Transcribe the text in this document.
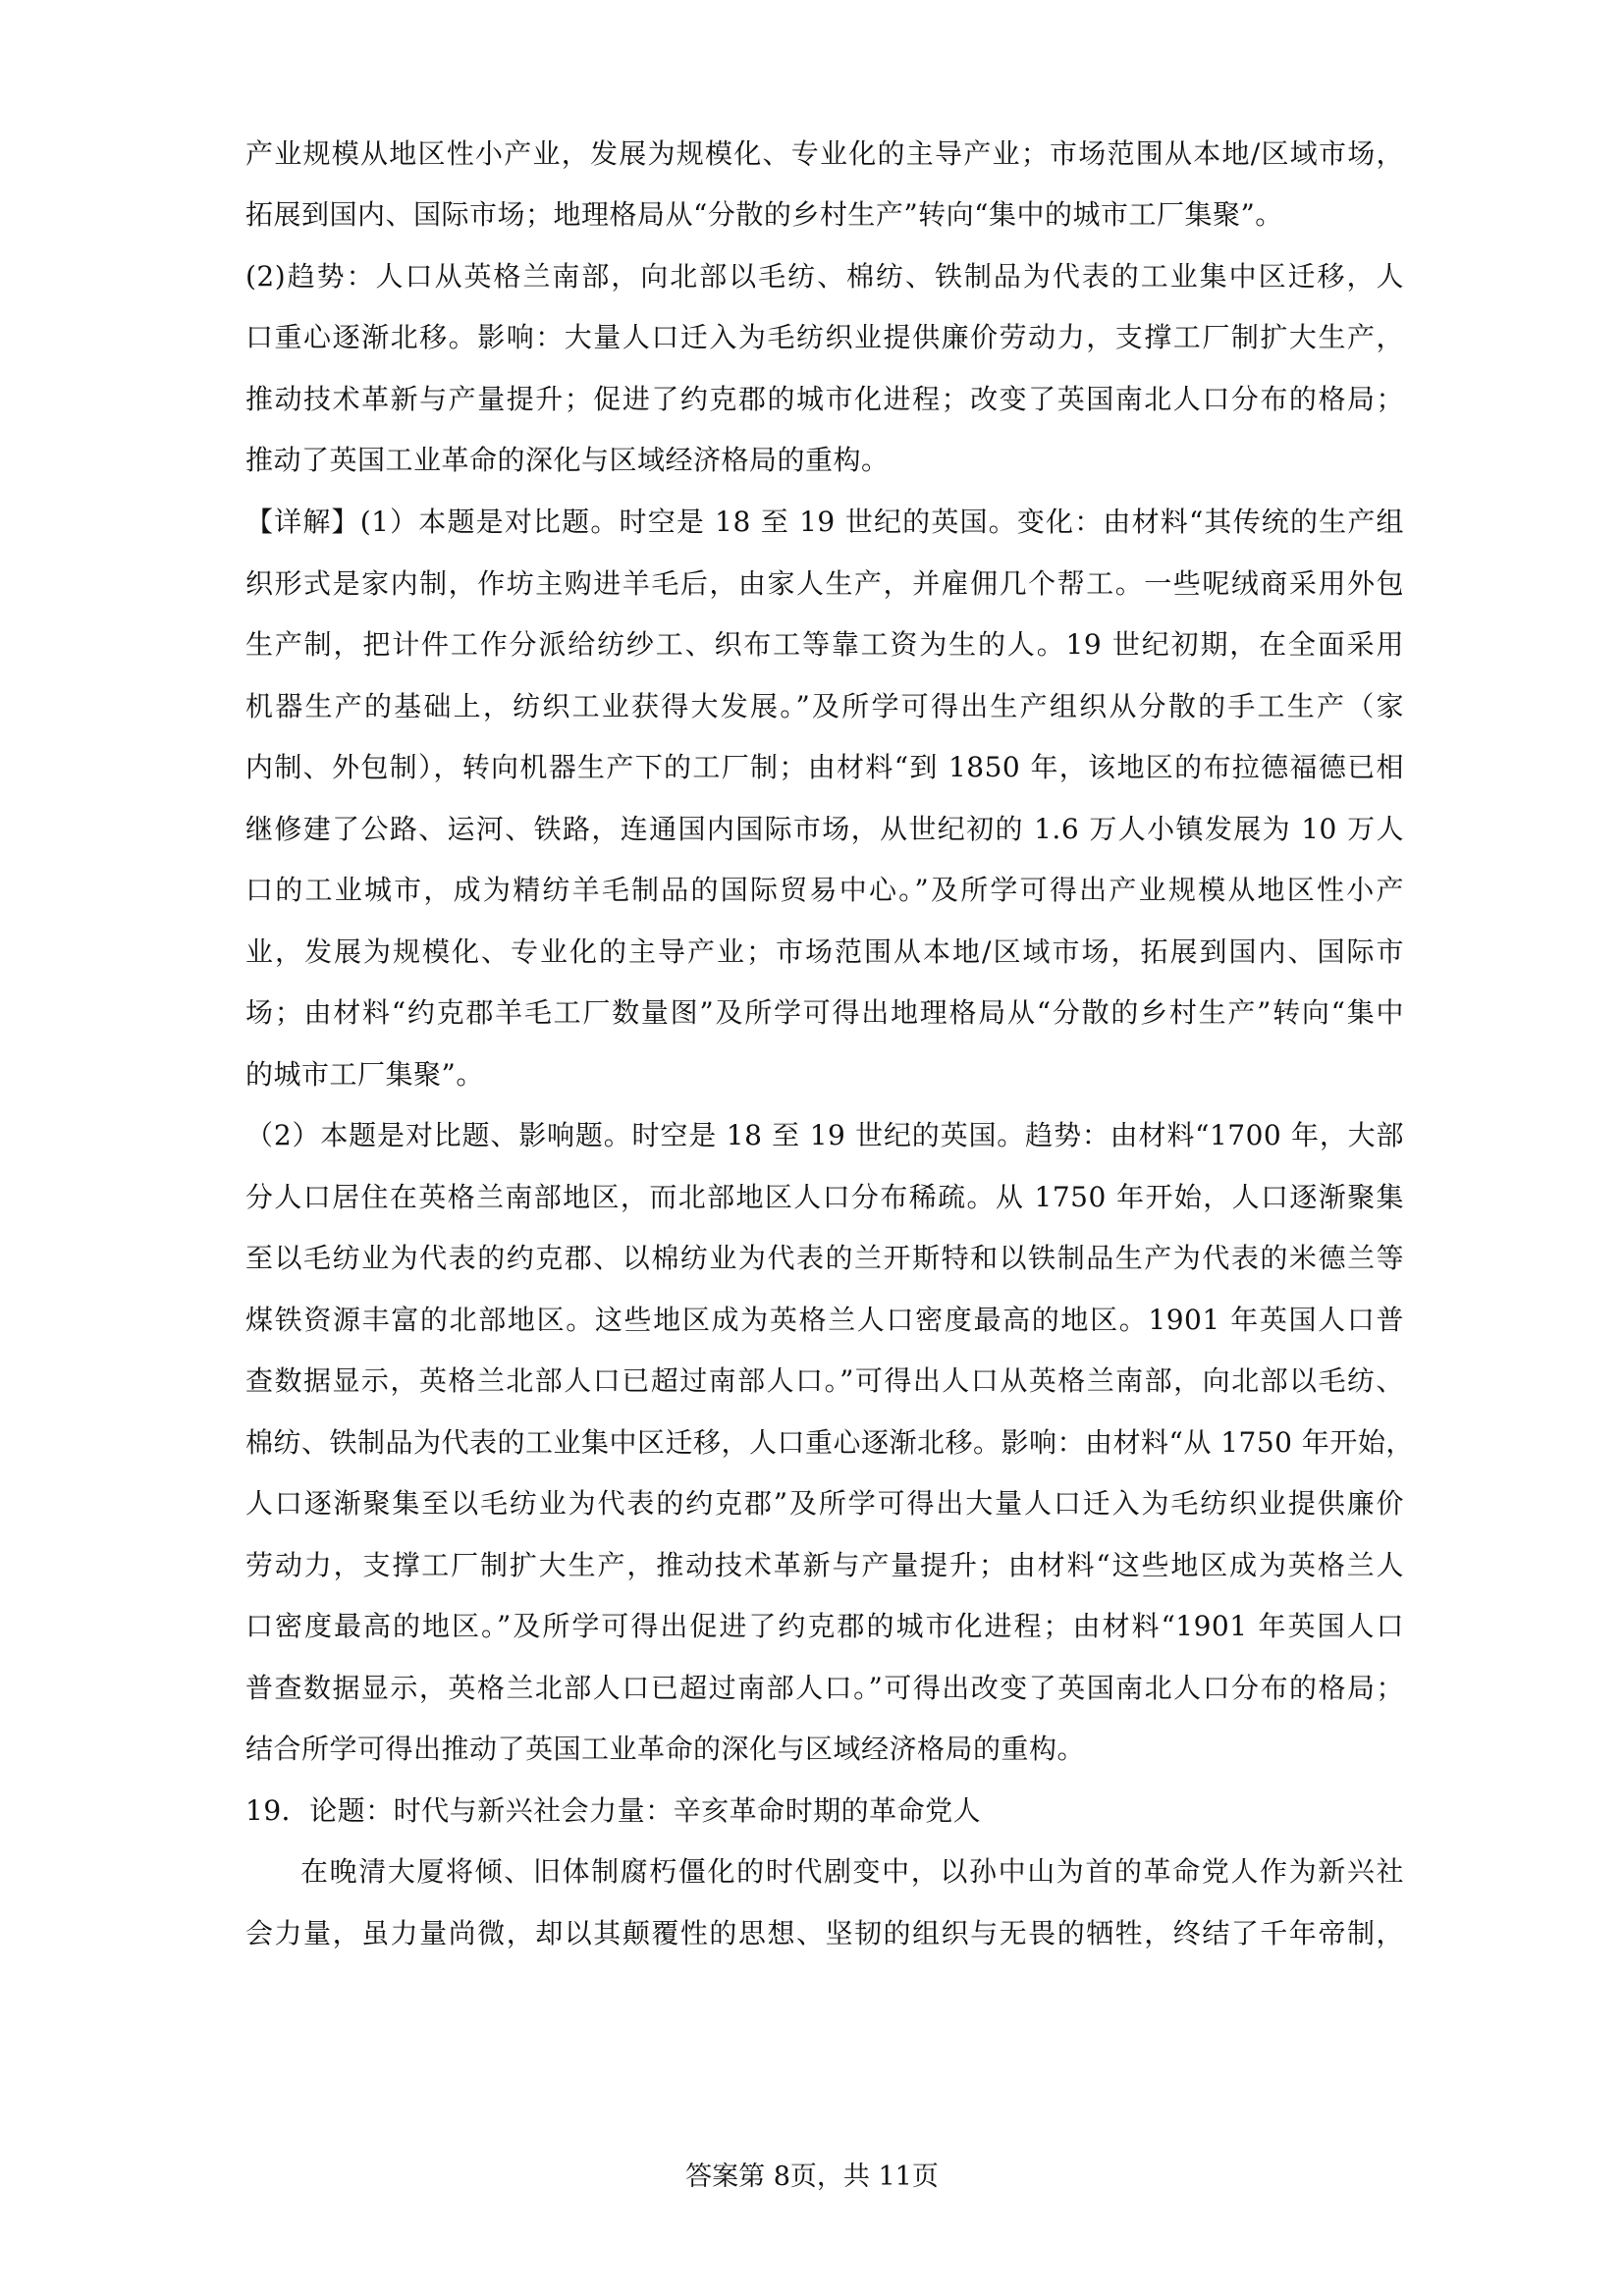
产业规模从地区性小产业，发展为规模化、专业化的主导产业；市场范围从本地/区域市场，
拓展到国内、国际市场；地理格局从“分散的乡村生产”转向“集中的城市工厂集聚”。
(2)趋势：人口从英格兰南部，向北部以毛纺、棉纺、铁制品为代表的工业集中区迁移，人
口重心逐渐北移。影响：大量人口迁入为毛纺织业提供廉价劳动力，支撑工厂制扩大生产，
推动技术革新与产量提升；促进了约克郡的城市化进程；改变了英国南北人口分布的格局；
推动了英国工业革命的深化与区域经济格局的重构。
【详解】(1）本题是对比题。时空是 18 至 19 世纪的英国。变化：由材料“其传统的生产组
织形式是家内制，作坊主购进羊毛后，由家人生产，并雇佣几个帮工。一些呢绒商采用外包
生产制，把计件工作分派给纺纱工、织布工等靠工资为生的人。19 世纪初期，在全面采用
机器生产的基础上，纺织工业获得大发展。”及所学可得出生产组织从分散的手工生产（家
内制、外包制），转向机器生产下的工厂制；由材料“到 1850 年，该地区的布拉德福德已相
继修建了公路、运河、铁路，连通国内国际市场，从世纪初的 1.6 万人小镇发展为 10 万人
口的工业城市，成为精纺羊毛制品的国际贸易中心。”及所学可得出产业规模从地区性小产
业，发展为规模化、专业化的主导产业；市场范围从本地/区域市场，拓展到国内、国际市
场；由材料“约克郡羊毛工厂数量图”及所学可得出地理格局从“分散的乡村生产”转向“集中
的城市工厂集聚”。
（2）本题是对比题、影响题。时空是 18 至 19 世纪的英国。趋势：由材料“1700 年，大部
分人口居住在英格兰南部地区，而北部地区人口分布稀疏。从 1750 年开始，人口逐渐聚集
至以毛纺业为代表的约克郡、以棉纺业为代表的兰开斯特和以铁制品生产为代表的米德兰等
煤铁资源丰富的北部地区。这些地区成为英格兰人口密度最高的地区。1901 年英国人口普
查数据显示，英格兰北部人口已超过南部人口。”可得出人口从英格兰南部，向北部以毛纺、
棉纺、铁制品为代表的工业集中区迁移，人口重心逐渐北移。影响：由材料“从 1750 年开始，
人口逐渐聚集至以毛纺业为代表的约克郡”及所学可得出大量人口迁入为毛纺织业提供廉价
劳动力，支撑工厂制扩大生产，推动技术革新与产量提升；由材料“这些地区成为英格兰人
口密度最高的地区。”及所学可得出促进了约克郡的城市化进程；由材料“1901 年英国人口
普查数据显示，英格兰北部人口已超过南部人口。”可得出改变了英国南北人口分布的格局；
结合所学可得出推动了英国工业革命的深化与区域经济格局的重构。
19．论题：时代与新兴社会力量：辛亥革命时期的革命党人
在晚清大厦将倾、旧体制腐朽僵化的时代剧变中，以孙中山为首的革命党人作为新兴社
会力量，虽力量尚微，却以其颠覆性的思想、坚韧的组织与无畏的牺牲，终结了千年帝制，
答案第 8页，共 11页
